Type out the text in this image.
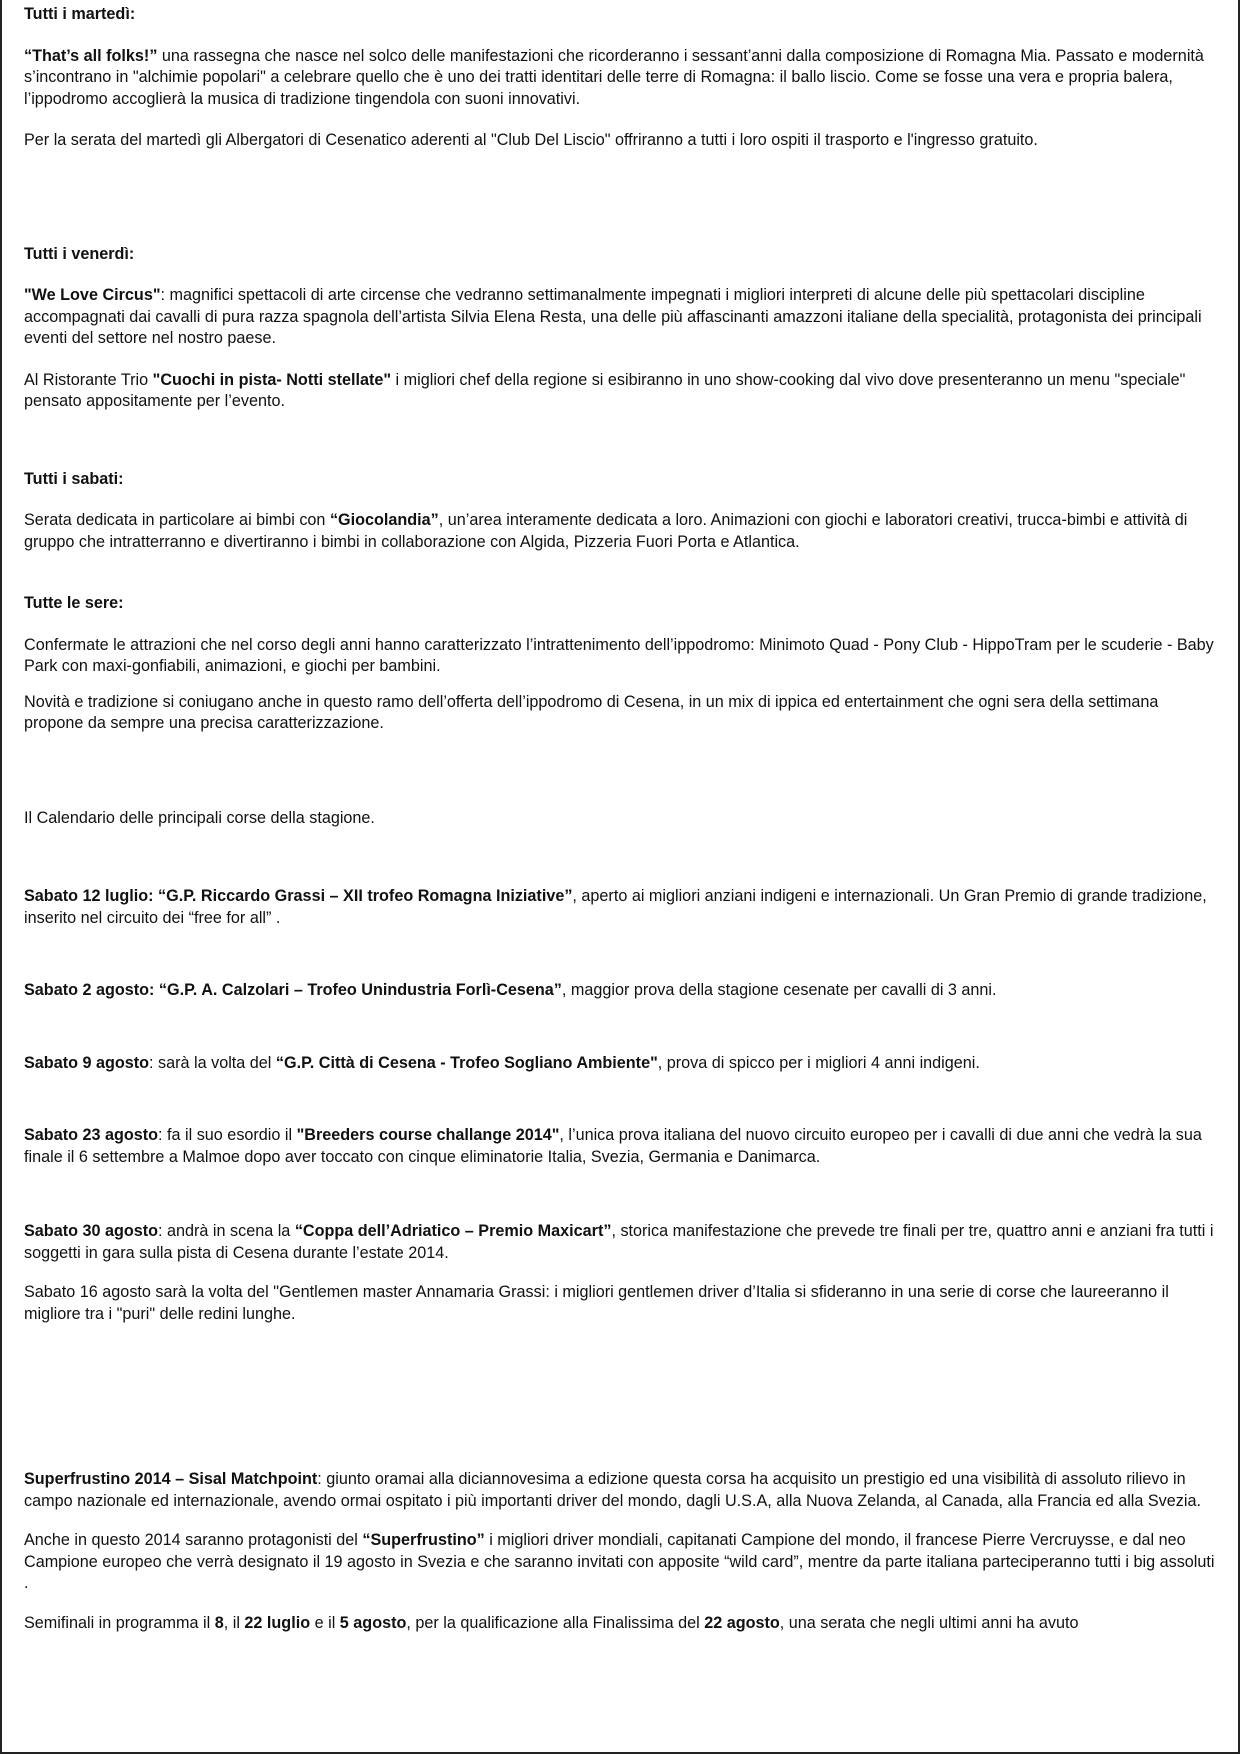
Tutti i martedì:

“That’s all folks!” una rassegna che nasce nel solco delle manifestazioni che ricorderanno i sessant’anni dalla composizione di Romagna Mia. Passato e modernità s’incontrano in "alchimie popolari" a celebrare quello che è uno dei tratti identitari delle terre di Romagna: il ballo liscio. Come se fosse una vera e propria balera, l’ippodromo accoglierà la musica di tradizione tingendola con suoni innovativi.

Per la serata del martedì gli Albergatori di Cesenatico aderenti al "Club Del Liscio" offriranno a tutti i loro ospiti il trasporto e l'ingresso gratuito.

Tutti i venerdì:

"We Love Circus": magnifici spettacoli di arte circense che vedranno settimanalmente impegnati i migliori interpreti di alcune delle più spettacolari discipline accompagnati dai cavalli di pura razza spagnola dell’artista Silvia Elena Resta, una delle più affascinanti amazzoni italiane della specialità, protagonista dei principali eventi del settore nel nostro paese.

Al Ristorante Trio "Cuochi in pista- Notti stellate" i migliori chef della regione si esibiranno in uno show-cooking dal vivo dove presenteranno un menu "speciale" pensato appositamente per l’evento.

Tutti i sabati:

Serata dedicata in particolare ai bimbi con “Giocolandia”, un’area interamente dedicata a loro. Animazioni con giochi e laboratori creativi, trucca-bimbi e attività di gruppo che intratterranno e divertiranno i bimbi in collaborazione con Algida, Pizzeria Fuori Porta e Atlantica.

Tutte le sere:

Confermate le attrazioni che nel corso degli anni hanno caratterizzato l’intrattenimento dell’ippodromo: Minimoto Quad - Pony Club - HippoTram per le scuderie - Baby Park con maxi-gonfiabili, animazioni, e giochi per bambini.

Novità e tradizione si coniugano anche in questo ramo dell’offerta dell’ippodromo di Cesena, in un mix di ippica ed entertainment che ogni sera della settimana propone da sempre una precisa caratterizzazione.

Il Calendario delle principali corse della stagione.

Sabato 12 luglio: “G.P. Riccardo Grassi – XII trofeo Romagna Iniziative”, aperto ai migliori anziani indigeni e internazionali. Un Gran Premio di grande tradizione, inserito nel circuito dei “free for all” .

Sabato 2 agosto: “G.P. A. Calzolari – Trofeo Unindustria Forlì-Cesena”, maggior prova della stagione cesenate per cavalli di 3 anni.

Sabato 9 agosto: sarà la volta del “G.P. Città di Cesena - Trofeo Sogliano Ambiente", prova di spicco per i migliori 4 anni indigeni.

Sabato 23 agosto: fa il suo esordio il "Breeders course challange 2014", l’unica prova italiana del nuovo circuito europeo per i cavalli di due anni che vedrà la sua finale il 6 settembre a Malmoe dopo aver toccato con cinque eliminatorie Italia, Svezia, Germania e Danimarca.

Sabato 30 agosto: andrà in scena la “Coppa dell’Adriatico – Premio Maxicart”, storica manifestazione che prevede tre finali per tre, quattro anni e anziani fra tutti i soggetti in gara sulla pista di Cesena durante l’estate 2014.

Sabato 16 agosto sarà la volta del "Gentlemen master Annamaria Grassi: i migliori gentlemen driver d’Italia si sfideranno in una serie di corse che laureeranno il migliore tra i "puri" delle redini lunghe.

Superfrustino 2014 – Sisal Matchpoint: giunto oramai alla diciannovesima a edizione questa corsa ha acquisito un prestigio ed una visibilità di assoluto rilievo in campo nazionale ed internazionale, avendo ormai ospitato i più importanti driver del mondo, dagli U.S.A, alla Nuova Zelanda, al Canada, alla Francia ed alla Svezia.

Anche in questo 2014 saranno protagonisti del “Superfrustino” i migliori driver mondiali, capitanati Campione del mondo, il francese Pierre Vercruysse, e dal neo Campione europeo che verrà designato il 19 agosto in Svezia e che saranno invitati con apposite “wild card”, mentre da parte italiana parteciperanno tutti i big assoluti .

Semifinali in programma il 8, il 22 luglio e il 5 agosto, per la qualificazione alla Finalissima del 22 agosto, una serata che negli ultimi anni ha avuto
